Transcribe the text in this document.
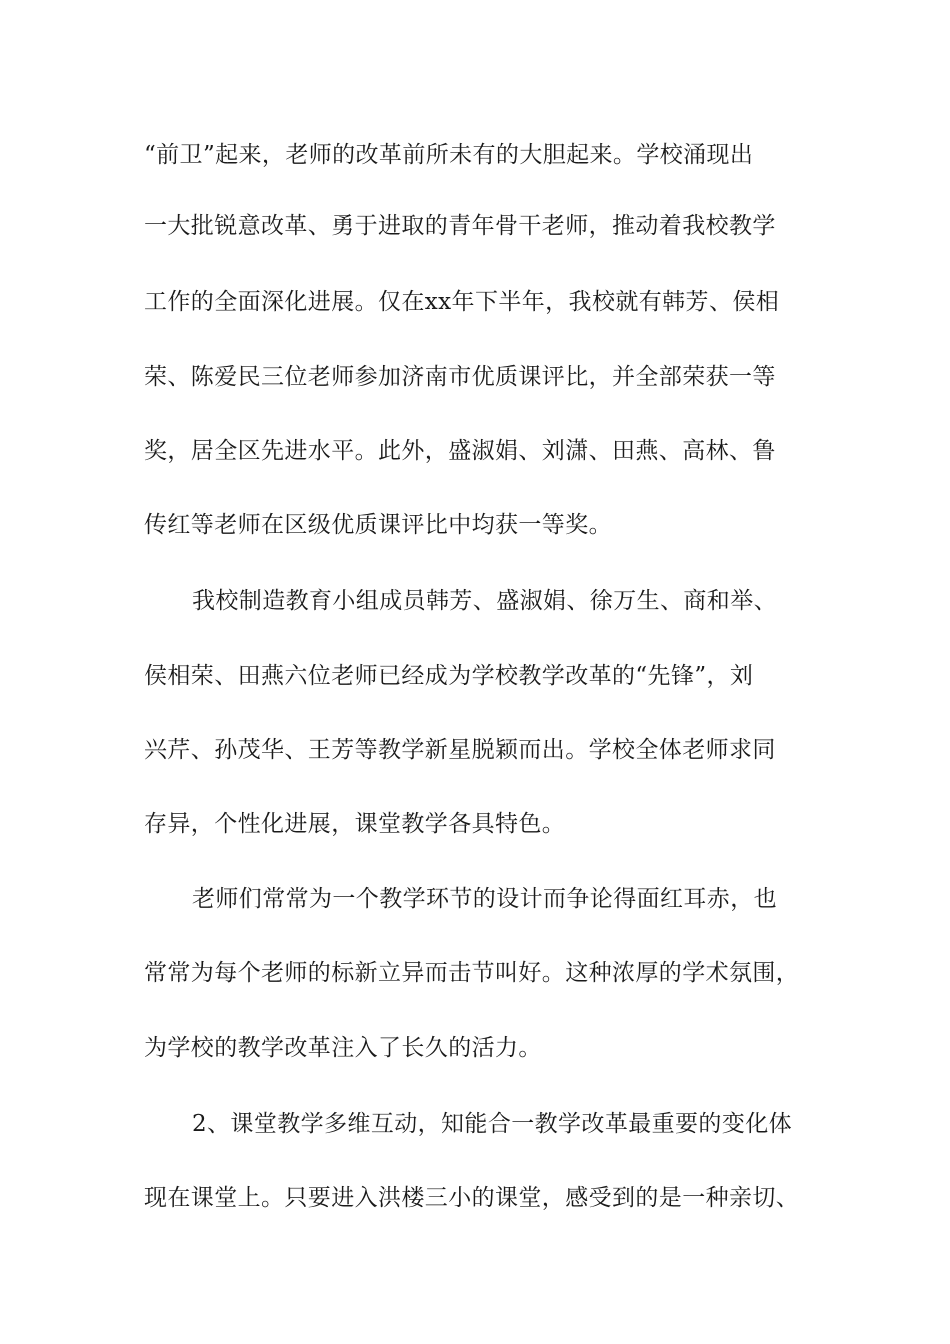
“前卫”起来，老师的改革前所未有的大胆起来。学校涌现出
一大批锐意改革、勇于进取的青年骨干老师，推动着我校教学
工作的全面深化进展。仅在xx年下半年，我校就有韩芳、侯相
荣、陈爱民三位老师参加济南市优质课评比，并全部荣获一等
奖，居全区先进水平。此外，盛淑娟、刘潇、田燕、高林、鲁
传红等老师在区级优质课评比中均获一等奖。
我校制造教育小组成员韩芳、盛淑娟、徐万生、商和举、
侯相荣、田燕六位老师已经成为学校教学改革的“先锋”，刘
兴芹、孙茂华、王芳等教学新星脱颖而出。学校全体老师求同
存异，个性化进展，课堂教学各具特色。
老师们常常为一个教学环节的设计而争论得面红耳赤，也
常常为每个老师的标新立异而击节叫好。这种浓厚的学术氛围，
为学校的教学改革注入了长久的活力。
2、课堂教学多维互动，知能合一教学改革最重要的变化体
现在课堂上。只要进入洪楼三小的课堂，感受到的是一种亲切、
